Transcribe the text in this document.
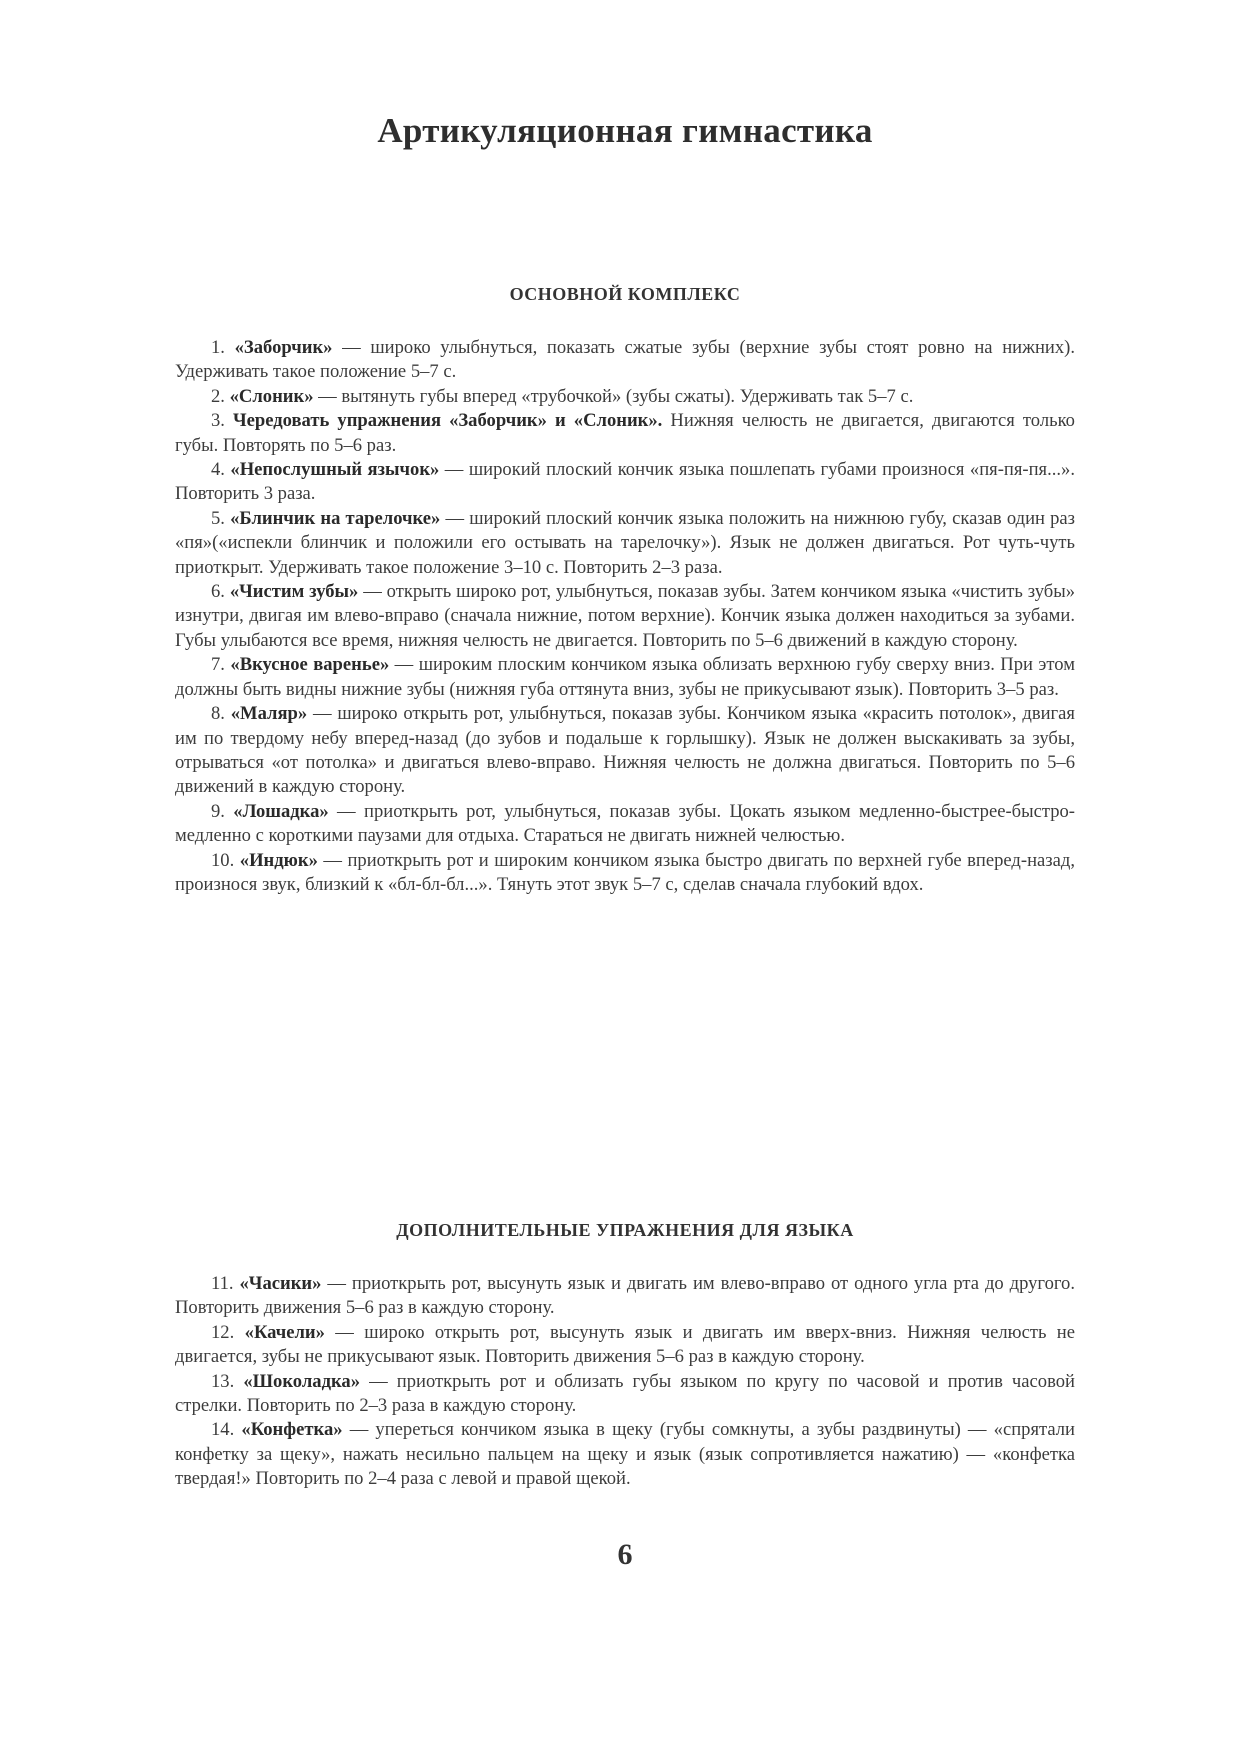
Артикуляционная гимнастика
ОСНОВНОЙ КОМПЛЕКС

1. «Заборчик» — широко улыбнуться, показать сжатые зубы (верхние зубы стоят ровно на нижних). Удерживать такое положение 5–7 с.

2. «Слоник» — вытянуть губы вперед «трубочкой» (зубы сжаты). Удерживать так 5–7 с.

3. Чередовать упражнения «Заборчик» и «Слоник». Нижняя челюсть не двигается, двигаются только губы. Повторять по 5–6 раз.

4. «Непослушный язычок» — широкий плоский кончик языка пошлепать губами произнося «пя-пя-пя...». Повторить 3 раза.

5. «Блинчик на тарелочке» — широкий плоский кончик языка положить на нижнюю губу, сказав один раз «пя»(«испекли блинчик и положили его остывать на тарелочку»). Язык не должен двигаться. Рот чуть-чуть приоткрыт. Удерживать такое положение 3–10 с. Повторить 2–3 раза.

6. «Чистим зубы» — открыть широко рот, улыбнуться, показав зубы. Затем кончиком языка «чистить зубы» изнутри, двигая им влево-вправо (сначала нижние, потом верхние). Кончик языка должен находиться за зубами. Губы улыбаются все время, нижняя челюсть не двигается. Повторить по 5–6 движений в каждую сторону.

7. «Вкусное варенье» — широким плоским кончиком языка облизать верхнюю губу сверху вниз. При этом должны быть видны нижние зубы (нижняя губа оттянута вниз, зубы не прикусывают язык). Повторить 3–5 раз.

8. «Маляр» — широко открыть рот, улыбнуться, показав зубы. Кончиком языка «красить потолок», двигая им по твердому небу вперед-назад (до зубов и подальше к горлышку). Язык не должен выскакивать за зубы, отрываться «от потолка» и двигаться влево-вправо. Нижняя челюсть не должна двигаться. Повторить по 5–6 движений в каждую сторону.

9. «Лошадка» — приоткрыть рот, улыбнуться, показав зубы. Цокать языком медленно-быстрее-быстро-медленно с короткими паузами для отдыха. Стараться не двигать нижней челюстью.

10. «Индюк» — приоткрыть рот и широким кончиком языка быстро двигать по верхней губе вперед-назад, произнося звук, близкий к «бл-бл-бл...». Тянуть этот звук 5–7 с, сделав сначала глубокий вдох.

ДОПОЛНИТЕЛЬНЫЕ УПРАЖНЕНИЯ ДЛЯ ЯЗЫКА

11. «Часики» — приоткрыть рот, высунуть язык и двигать им влево-вправо от одного угла рта до другого. Повторить движения 5–6 раз в каждую сторону.

12. «Качели» — широко открыть рот, высунуть язык и двигать им вверх-вниз. Нижняя челюсть не двигается, зубы не прикусывают язык. Повторить движения 5–6 раз в каждую сторону.

13. «Шоколадка» — приоткрыть рот и облизать губы языком по кругу по часовой и против часовой стрелки. Повторить по 2–3 раза в каждую сторону.

14. «Конфетка» — упереться кончиком языка в щеку (губы сомкнуты, а зубы раздвинуты) — «спрятали конфетку за щеку», нажать несильно пальцем на щеку и язык (язык сопротивляется нажатию) — «конфетка твердая!» Повторить по 2–4 раза с левой и правой щекой.

6
